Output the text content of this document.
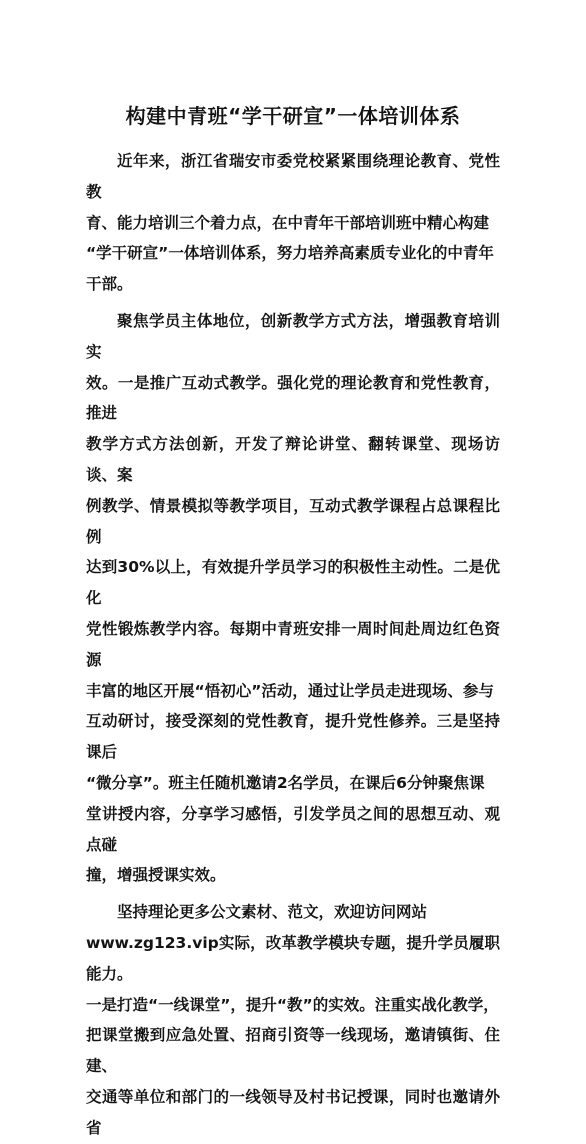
构建中青班“学干研宣”一体培训体系

近年来，浙江省瑞安市委党校紧紧围绕理论教育、党性教
育、能力培训三个着力点，在中青年干部培训班中精心构建
“学干研宣”一体培训体系，努力培养高素质专业化的中青年
干部。

聚焦学员主体地位，创新教学方式方法，增强教育培训实
效。一是推广互动式教学。强化党的理论教育和党性教育，推进
教学方式方法创新，开发了辩论讲堂、翻转课堂、现场访谈、案
例教学、情景模拟等教学项目，互动式教学课程占总课程比例
达到30%以上，有效提升学员学习的积极性主动性。二是优化
党性锻炼教学内容。每期中青班安排一周时间赴周边红色资源
丰富的地区开展“悟初心”活动，通过让学员走进现场、参与
互动研讨，接受深刻的党性教育，提升党性修养。三是坚持课后
“微分享”。班主任随机邀请2名学员，在课后6分钟聚焦课
堂讲授内容，分享学习感悟，引发学员之间的思想互动、观点碰
撞，增强授课实效。

坚持理论更多公文素材、范文，欢迎访问网站
www.zg123.vip实际，改革教学模块专题，提升学员履职能力。
一是打造“一线课堂”，提升“教”的实效。注重实战化教学，
把课堂搬到应急处置、招商引资等一线现场，邀请镇街、住建、
交通等单位和部门的一线领导及村书记授课，同时也邀请外省
